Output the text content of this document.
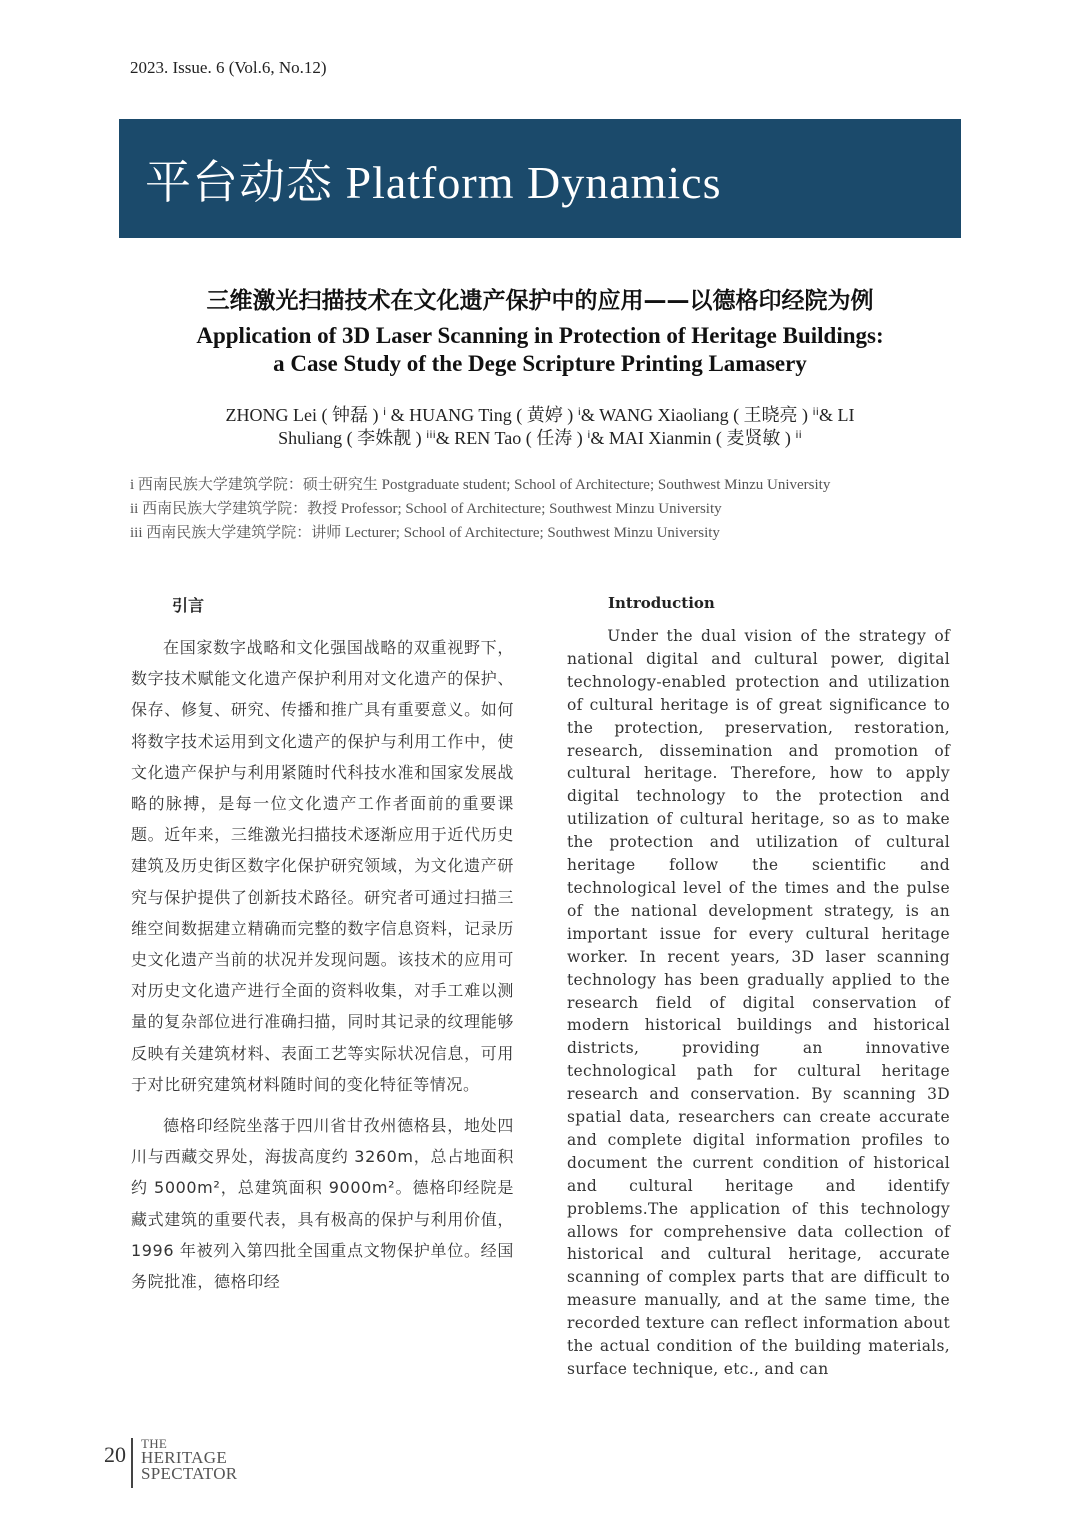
2023. Issue. 6 (Vol.6, No.12)
平台动态 Platform Dynamics
三维激光扫描技术在文化遗产保护中的应用——以德格印经院为例
Application of 3D Laser Scanning in Protection of Heritage Buildings:
a Case Study of the Dege Scripture Printing Lamasery
ZHONG Lei ( 钟磊 ) ⁱ & HUANG Ting ( 黄婷 ) ⁱ& WANG Xiaoliang ( 王晓亮 ) ⁱⁱ& LI
Shuliang ( 李姝靓 ) ⁱⁱⁱ& REN Tao ( 任涛 ) ⁱ& MAI Xianmin ( 麦贤敏 ) ⁱⁱ

i 西南民族大学建筑学院：硕士研究生 Postgraduate student; School of Architecture; Southwest Minzu University

ii 西南民族大学建筑学院：教授 Professor; School of Architecture; Southwest Minzu University

iii 西南民族大学建筑学院：讲师 Lecturer; School of Architecture; Southwest Minzu University

引言

在国家数字战略和文化强国战略的双重视野下，数字技术赋能文化遗产保护利用对文化遗产的保护、保存、修复、研究、传播和推广具有重要意义。如何将数字技术运用到文化遗产的保护与利用工作中，使文化遗产保护与利用紧随时代科技水准和国家发展战略的脉搏，是每一位文化遗产工作者面前的重要课题。近年来，三维激光扫描技术逐渐应用于近代历史建筑及历史街区数字化保护研究领域，为文化遗产研究与保护提供了创新技术路径。研究者可通过扫描三维空间数据建立精确而完整的数字信息资料，记录历史文化遗产当前的状况并发现问题。该技术的应用可对历史文化遗产进行全面的资料收集，对手工难以测量的复杂部位进行准确扫描，同时其记录的纹理能够反映有关建筑材料、表面工艺等实际状况信息，可用于对比研究建筑材料随时间的变化特征等情况。

德格印经院坐落于四川省甘孜州德格县，地处四川与西藏交界处，海拔高度约 3260m，总占地面积约 5000m²，总建筑面积 9000m²。德格印经院是藏式建筑的重要代表，具有极高的保护与利用价值，1996 年被列入第四批全国重点文物保护单位。经国务院批准，德格印经

Introduction

Under the dual vision of the strategy of national digital and cultural power, digital technology-enabled protection and utilization of cultural heritage is of great significance to the protection, preservation, restoration, research, dissemination and promotion of cultural heritage. Therefore, how to apply digital technology to the protection and utilization of cultural heritage, so as to make the protection and utilization of cultural heritage follow the scientific and technological level of the times and the pulse of the national development strategy, is an important issue for every cultural heritage worker. In recent years, 3D laser scanning technology has been gradually applied to the research field of digital conservation of modern historical buildings and historical districts, providing an innovative technological path for cultural heritage research and conservation. By scanning 3D spatial data, researchers can create accurate and complete digital information profiles to document the current condition of historical and cultural heritage and identify problems.The application of this technology allows for comprehensive data collection of historical and cultural heritage, accurate scanning of complex parts that are difficult to measure manually, and at the same time, the recorded texture can reflect information about the actual condition of the building materials, surface technique, etc., and can

20 THE
HERITAGE
SPECTATOR
